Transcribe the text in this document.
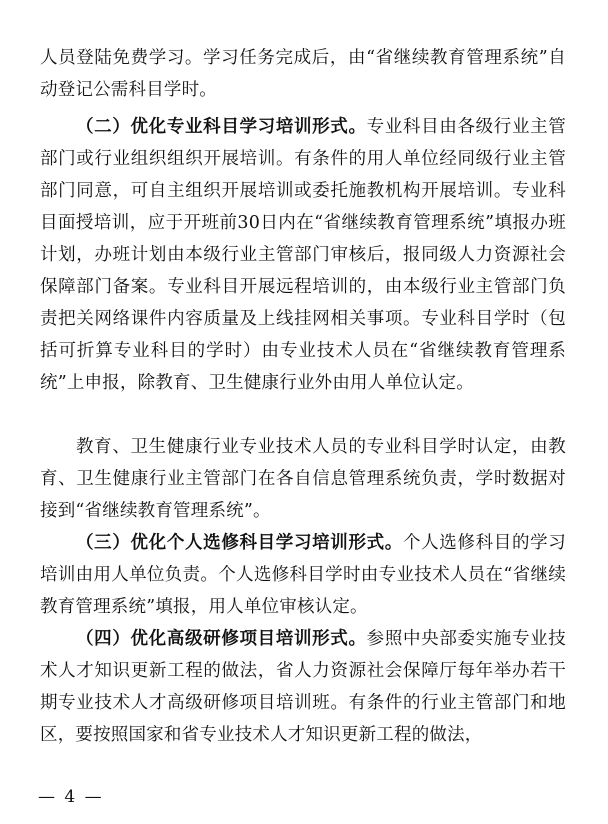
人员登陆免费学习。学习任务完成后，由“省继续教育管理系统”自动登记公需科目学时。

（二）优化专业科目学习培训形式。专业科目由各级行业主管部门或行业组织组织开展培训。有条件的用人单位经同级行业主管部门同意，可自主组织开展培训或委托施教机构开展培训。专业科目面授培训，应于开班前30日内在“省继续教育管理系统”填报办班计划，办班计划由本级行业主管部门审核后，报同级人力资源社会保障部门备案。专业科目开展远程培训的，由本级行业主管部门负责把关网络课件内容质量及上线挂网相关事项。专业科目学时（包括可折算专业科目的学时）由专业技术人员在“省继续教育管理系统”上申报，除教育、卫生健康行业外由用人单位认定。

教育、卫生健康行业专业技术人员的专业科目学时认定，由教育、卫生健康行业主管部门在各自信息管理系统负责，学时数据对接到“省继续教育管理系统”。

（三）优化个人选修科目学习培训形式。个人选修科目的学习培训由用人单位负责。个人选修科目学时由专业技术人员在“省继续教育管理系统”填报，用人单位审核认定。

（四）优化高级研修项目培训形式。参照中央部委实施专业技术人才知识更新工程的做法，省人力资源社会保障厅每年举办若干期专业技术人才高级研修项目培训班。有条件的行业主管部门和地区，要按照国家和省专业技术人才知识更新工程的做法，

— 4 —
